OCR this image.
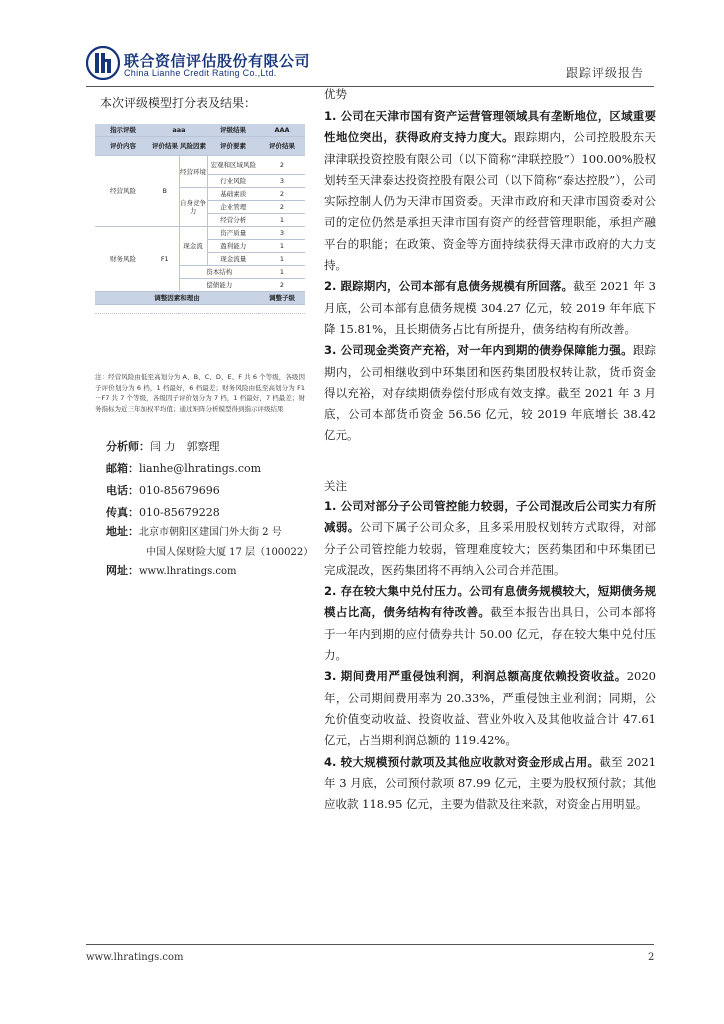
联合资信评估股份有限公司
China Lianhe Credit Rating Co.,Ltd.	跟踪评级报告
本次评级模型打分表及结果：
指示评级	aaa		评级结果	AAA
评价内容	评价结果	风险因素	评价要素	评价结果
经营风险	B	经营环境	宏观和区域风险	2
			行业风险	3
		自身竞争力	基础素质	2
			企业管理	2
			经营分析	1
财务风险	F1	现金流	资产质量	3
			盈利能力	1
			现金流量	1
		资本结构		1
		偿债能力		2
调整因素和理由				调整子级

注：经营风险由低至高划分为 A、B、C、D、E、F 共 6 个等级，各级因子评价划分为 6 档，1 档最好，6 档最差；财务风险由低至高划分为 F1－F7 共 7 个等级，各级因子评价划分为 7 档，1 档最好，7 档最差；财务指标为近三年加权平均值；通过矩阵分析模型得到指示评级结果
分析师：闫 力　郭察理
邮箱：lianhe@lhratings.com
电话：010-85679696
传真：010-85679228
地址：北京市朝阳区建国门外大街 2 号
中国人保财险大厦 17 层（100022）
网址：www.lhratings.com
优势
1. 公司在天津市国有资产运营管理领域具有垄断地位，区域重要性地位突出，获得政府支持力度大。跟踪期内，公司控股股东天津津联投资控股有限公司（以下简称“津联控股”）100.00%股权划转至天津泰达投资控股有限公司（以下简称“泰达控股”），公司实际控制人仍为天津市国资委。天津市政府和天津市国资委对公司的定位仍然是承担天津市国有资产的经营管理职能，承担产融平台的职能；在政策、资金等方面持续获得天津市政府的大力支持。
2. 跟踪期内，公司本部有息债务规模有所回落。截至 2021 年 3 月底，公司本部有息债务规模 304.27 亿元，较 2019 年年底下降 15.81%，且长期债务占比有所提升，债务结构有所改善。
3. 公司现金类资产充裕，对一年内到期的债券保障能力强。跟踪期内，公司相继收到中环集团和医药集团股权转让款，货币资金得以充裕，对存续期债券偿付形成有效支撑。截至 2021 年 3 月底，公司本部货币资金 56.56 亿元，较 2019 年底增长 38.42 亿元。
关注
1. 公司对部分子公司管控能力较弱，子公司混改后公司实力有所减弱。公司下属子公司众多，且多采用股权划转方式取得，对部分子公司管控能力较弱，管理难度较大；医药集团和中环集团已完成混改，医药集团将不再纳入公司合并范围。
2. 存在较大集中兑付压力。公司有息债务规模较大，短期债务规模占比高，债务结构有待改善。截至本报告出具日，公司本部将于一年内到期的应付债券共计 50.00 亿元，存在较大集中兑付压力。
3. 期间费用严重侵蚀利润，利润总额高度依赖投资收益。2020 年，公司期间费用率为 20.33%，严重侵蚀主业利润；同期，公允价值变动收益、投资收益、营业外收入及其他收益合计 47.61 亿元，占当期利润总额的 119.42%。
4. 较大规模预付款项及其他应收款对资金形成占用。截至 2021 年 3 月底，公司预付款项 87.99 亿元，主要为股权预付款；其他应收款 118.95 亿元，主要为借款及往来款，对资金占用明显。
www.lhratings.com	2
